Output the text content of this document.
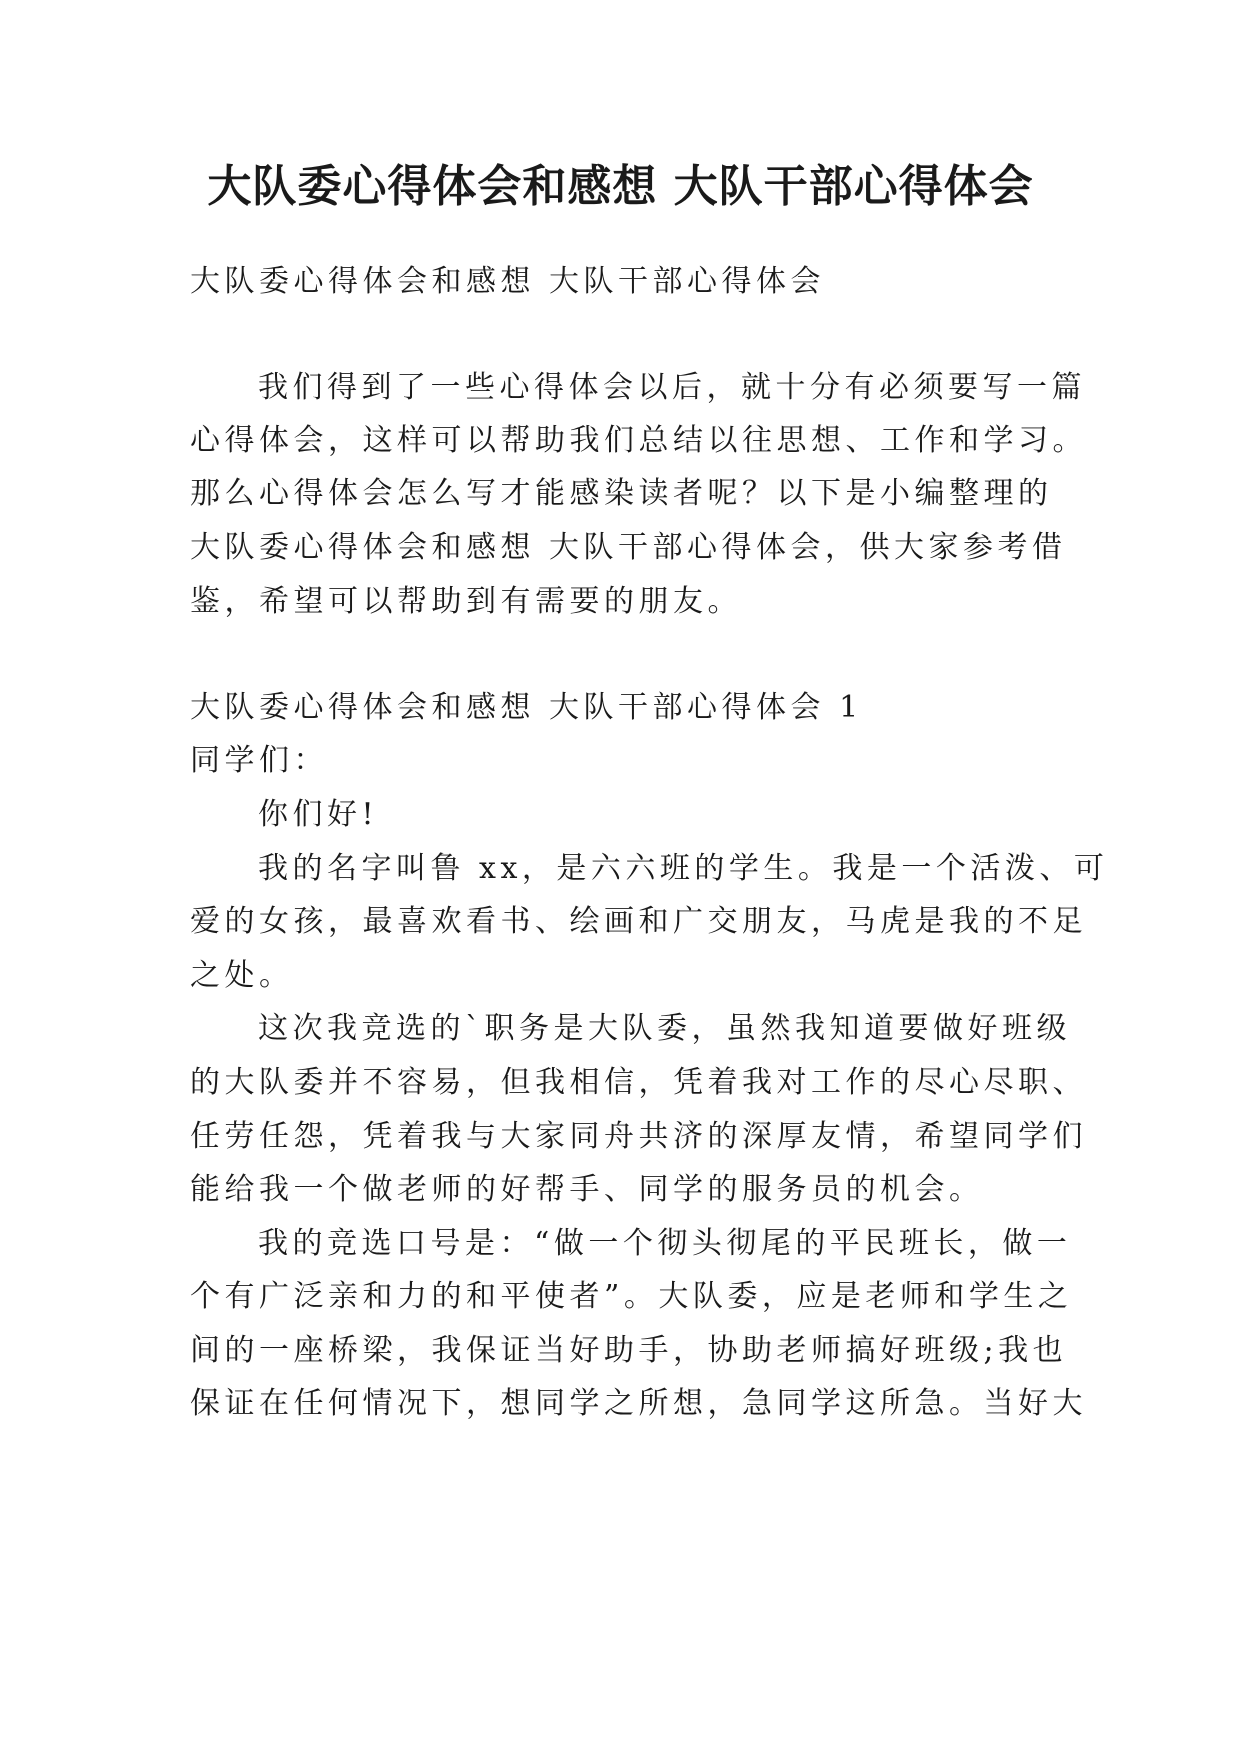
大队委心得体会和感想 大队干部心得体会
大队委心得体会和感想 大队干部心得体会
我们得到了一些心得体会以后，就十分有必须要写一篇
心得体会，这样可以帮助我们总结以往思想、工作和学习。
那么心得体会怎么写才能感染读者呢？以下是小编整理的
大队委心得体会和感想 大队干部心得体会，供大家参考借
鉴，希望可以帮助到有需要的朋友。
大队委心得体会和感想 大队干部心得体会 1
同学们：
你们好!
我的名字叫鲁 xx，是六六班的学生。我是一个活泼、可
爱的女孩，最喜欢看书、绘画和广交朋友，马虎是我的不足
之处。
这次我竞选的`职务是大队委，虽然我知道要做好班级
的大队委并不容易，但我相信，凭着我对工作的尽心尽职、
任劳任怨，凭着我与大家同舟共济的深厚友情，希望同学们
能给我一个做老师的好帮手、同学的服务员的机会。
我的竞选口号是：“做一个彻头彻尾的平民班长，做一
个有广泛亲和力的和平使者”。大队委，应是老师和学生之
间的一座桥梁，我保证当好助手，协助老师搞好班级;我也
保证在任何情况下，想同学之所想，急同学这所急。当好大
